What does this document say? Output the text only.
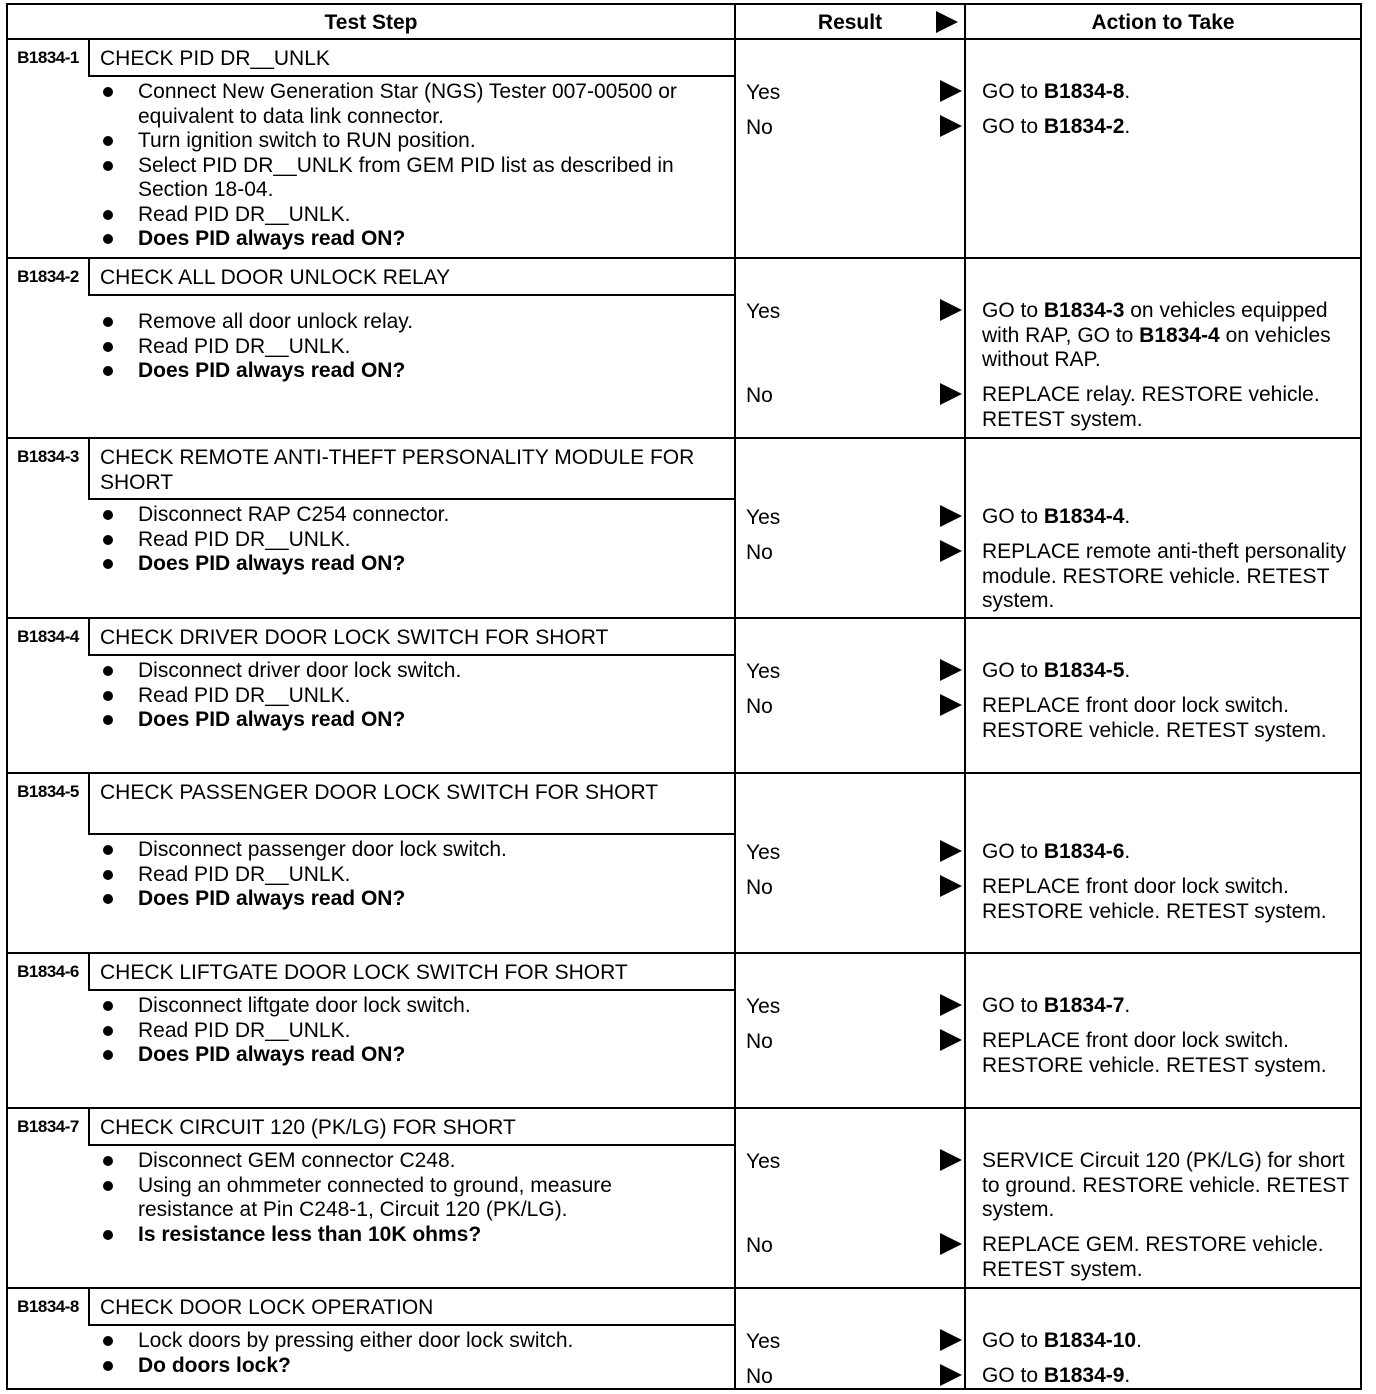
Test Step	Result	Action to Take
B1834-1	CHECK PID DR__UNLK
Connect New Generation Star (NGS) Tester 007-00500 or equivalent to data link connector.
Turn ignition switch to RUN position.
Select PID DR__UNLK from GEM PID list as described in Section 18-04.
Read PID DR__UNLK.
Does PID always read ON?
Yes	GO to B1834-8.
No	GO to B1834-2.
B1834-2	CHECK ALL DOOR UNLOCK RELAY
Remove all door unlock relay.
Read PID DR__UNLK.
Does PID always read ON?
Yes	GO to B1834-3 on vehicles equipped with RAP, GO to B1834-4 on vehicles without RAP.
No	REPLACE relay. RESTORE vehicle. RETEST system.
B1834-3	CHECK REMOTE ANTI-THEFT PERSONALITY MODULE FOR SHORT
Disconnect RAP C254 connector.
Read PID DR__UNLK.
Does PID always read ON?
Yes	GO to B1834-4.
No	REPLACE remote anti-theft personality module. RESTORE vehicle. RETEST system.
B1834-4	CHECK DRIVER DOOR LOCK SWITCH FOR SHORT
Disconnect driver door lock switch.
Read PID DR__UNLK.
Does PID always read ON?
Yes	GO to B1834-5.
No	REPLACE front door lock switch. RESTORE vehicle. RETEST system.
B1834-5	CHECK PASSENGER DOOR LOCK SWITCH FOR SHORT
Disconnect passenger door lock switch.
Read PID DR__UNLK.
Does PID always read ON?
Yes	GO to B1834-6.
No	REPLACE front door lock switch. RESTORE vehicle. RETEST system.
B1834-6	CHECK LIFTGATE DOOR LOCK SWITCH FOR SHORT
Disconnect liftgate door lock switch.
Read PID DR__UNLK.
Does PID always read ON?
Yes	GO to B1834-7.
No	REPLACE front door lock switch. RESTORE vehicle. RETEST system.
B1834-7	CHECK CIRCUIT 120 (PK/LG) FOR SHORT
Disconnect GEM connector C248.
Using an ohmmeter connected to ground, measure resistance at Pin C248-1, Circuit 120 (PK/LG).
Is resistance less than 10K ohms?
Yes	SERVICE Circuit 120 (PK/LG) for short to ground. RESTORE vehicle. RETEST system.
No	REPLACE GEM. RESTORE vehicle. RETEST system.
B1834-8	CHECK DOOR LOCK OPERATION
Lock doors by pressing either door lock switch.
Do doors lock?
Yes	GO to B1834-10.
No	GO to B1834-9.
